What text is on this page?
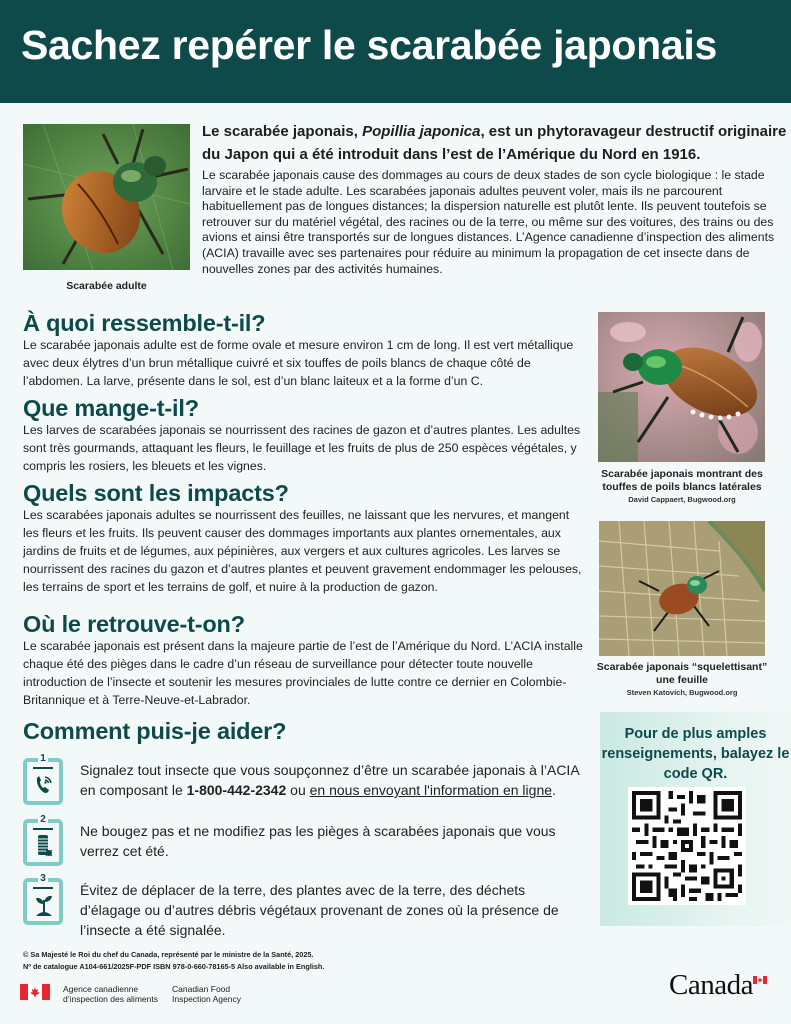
Sachez repérer le scarabée japonais
Scarabée adulte
Le scarabée japonais, Popillia japonica, est un phytoravageur destructif originaire du Japon qui a été introduit dans l’est de l’Amérique du Nord en 1916.

Le scarabée japonais cause des dommages au cours de deux stades de son cycle biologique : le stade larvaire et le stade adulte. Les scarabées japonais adultes peuvent voler, mais ils ne parcourent habituellement pas de longues distances; la dispersion naturelle est plutôt lente. Ils peuvent toutefois se retrouver sur du matériel végétal, des racines ou de la terre, ou même sur des voitures, des trains ou des avions et ainsi être transportés sur de longues distances. L’Agence canadienne d’inspection des aliments (ACIA) travaille avec ses partenaires pour réduire au minimum la propagation de cet insecte dans de nouvelles zones par des activités humaines.

À quoi ressemble-t-il?

Le scarabée japonais adulte est de forme ovale et mesure environ 1 cm de long. Il est vert métallique avec deux élytres d’un brun métallique cuivré et six touffes de poils blancs de chaque côté de l’abdomen. La larve, présente dans le sol, est d’un blanc laiteux et a la forme d’un C.

Que mange-t-il?

Les larves de scarabées japonais se nourrissent des racines de gazon et d’autres plantes. Les adultes sont très gourmands, attaquant les fleurs, le feuillage et les fruits de plus de 250 espèces végétales, y compris les rosiers, les bleuets et les vignes.

Quels sont les impacts?

Les scarabées japonais adultes se nourrissent des feuilles, ne laissant que les nervures, et mangent les fleurs et les fruits. Ils peuvent causer des dommages importants aux plantes ornementales, aux jardins de fruits et de légumes, aux pépinières, aux vergers et aux cultures agricoles. Les larves se nourrissent des racines du gazon et d’autres plantes et peuvent gravement endommager les pelouses, les terrains de sport et les terrains de golf, et nuire à la production de gazon.

Où le retrouve-t-on?

Le scarabée japonais est présent dans la majeure partie de l’est de l’Amérique du Nord. L’ACIA installe chaque été des pièges dans le cadre d’un réseau de surveillance pour détecter toute nouvelle introduction de l’insecte et soutenir les mesures provinciales de lutte contre ce dernier en Colombie-Britannique et à Terre-Neuve-et-Labrador.

Scarabée japonais montrant des touffes de poils blancs latérales
David Cappaert, Bugwood.org
Scarabée japonais “squelettisant” une feuille
Steven Katovich, Bugwood.org
Comment puis-je aider?
1
Signalez tout insecte que vous soupçonnez d’être un scarabée japonais à l’ACIA en composant le 1-800-442-2342 ou en nous envoyant l'information en ligne.
2
Ne bougez pas et ne modifiez pas les pièges à scarabées japonais que vous verrez cet été.
3
Évitez de déplacer de la terre, des plantes avec de la terre, des déchets d’élagage ou d’autres débris végétaux provenant de zones où la présence de l’insecte a été signalée.
Pour de plus amples renseignements, balayez le code QR.
© Sa Majesté le Roi du chef du Canada, représenté par le ministre de la Santé, 2025.
Nº de catalogue A104-661/2025F-PDF ISBN 978-0-660-78165-5 Also available in English.
Agence canadienne
d’inspection des aliments
Canadian Food
Inspection Agency	Canada
